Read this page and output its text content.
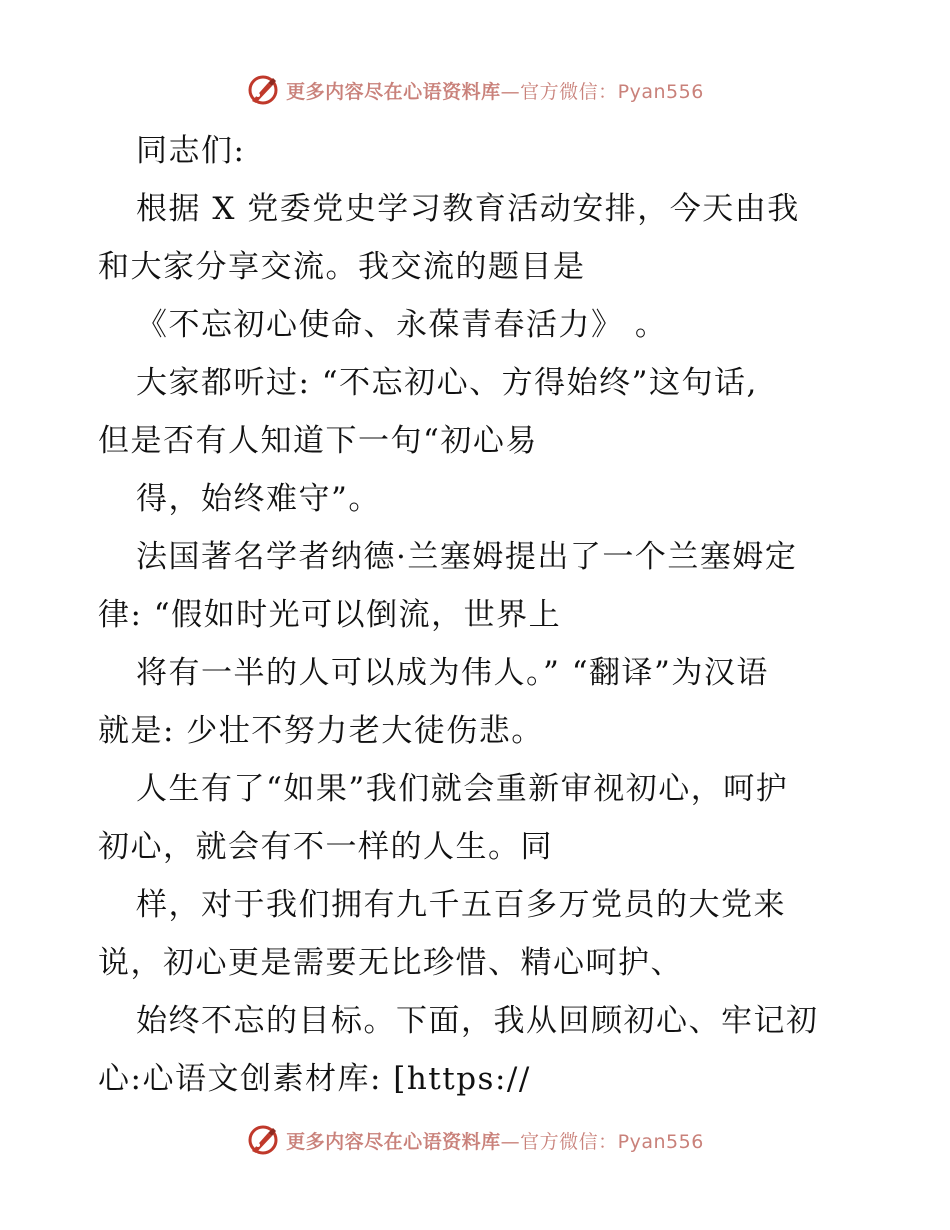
更多内容尽在心语资料库—官方微信：Pyan556
同志们:
根据 X 党委党史学习教育活动安排，今天由我
和大家分享交流。我交流的题目是
《不忘初心使命、永葆青春活力》 。
大家都听过: “不忘初心、方得始终”这句话,
但是否有人知道下一句“初心易
得，始终难守”。
法国著名学者纳德·兰塞姆提出了一个兰塞姆定
律: “假如时光可以倒流，世界上
将有一半的人可以成为伟人。” “翻译”为汉语
就是: 少壮不努力老大徒伤悲。
人生有了“如果”我们就会重新审视初心，呵护
初心，就会有不一样的人生。同
样，对于我们拥有九千五百多万党员的大党来
说，初心更是需要无比珍惜、精心呵护、
始终不忘的目标。下面，我从回顾初心、牢记初
心:心语文创素材库: [https://
更多内容尽在心语资料库—官方微信：Pyan556
